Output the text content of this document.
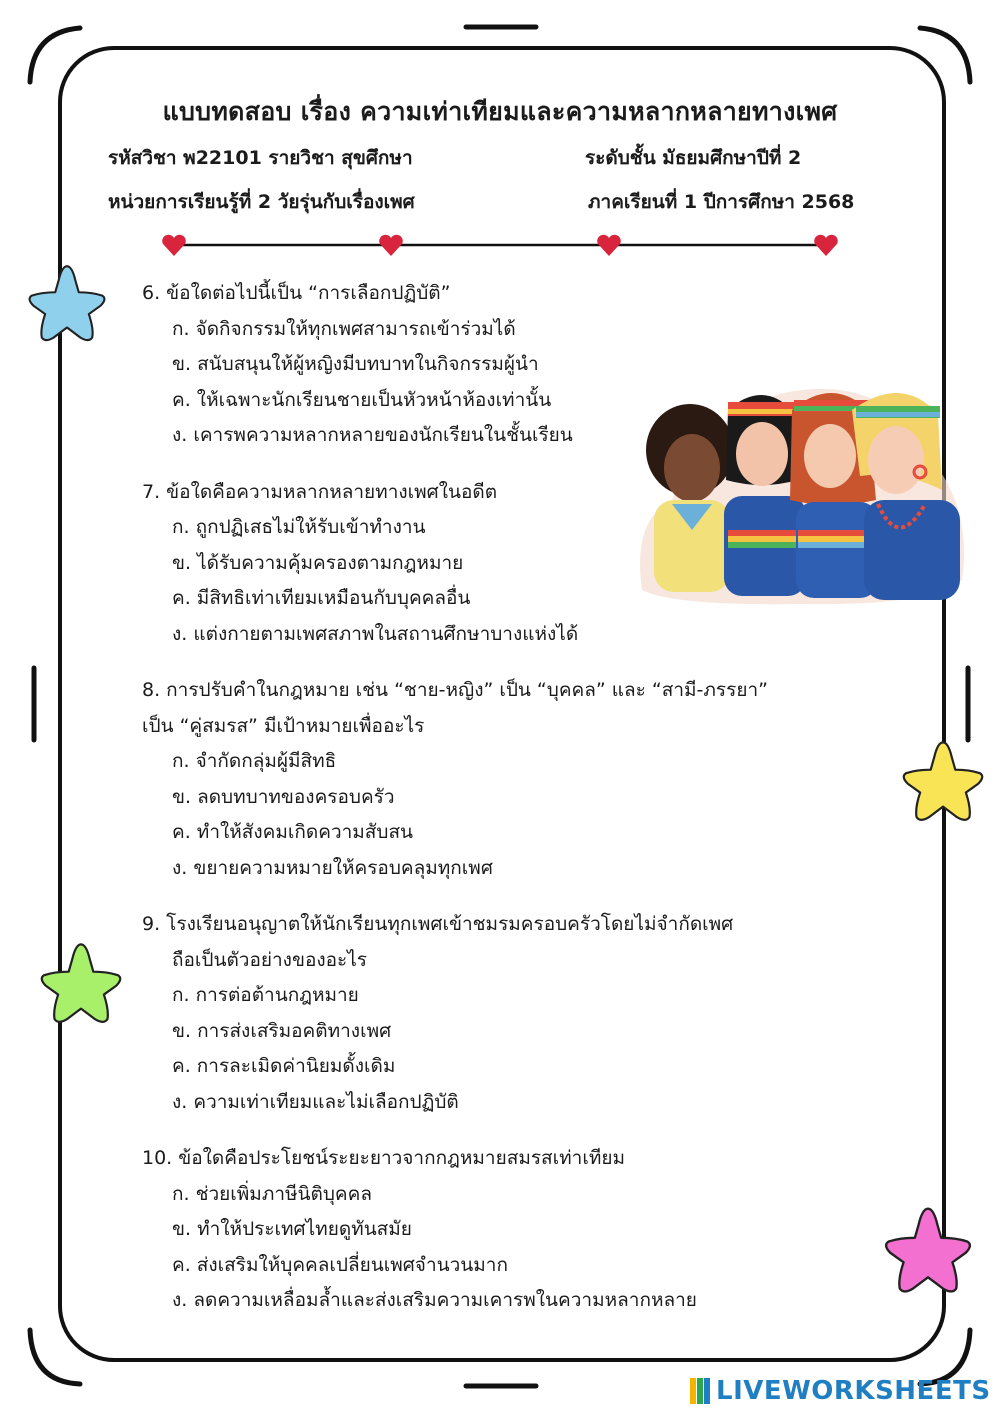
แบบทดสอบ เรื่อง ความเท่าเทียมและความหลากหลายทางเพศ
รหัสวิชา พ22101 รายวิชา สุขศึกษา	ระดับชั้น มัธยมศึกษาปีที่ 2
หน่วยการเรียนรู้ที่ 2 วัยรุ่นกับเรื่องเพศ	ภาคเรียนที่ 1 ปีการศึกษา 2568
6. ข้อใดต่อไปนี้เป็น “การเลือกปฏิบัติ”
ก. จัดกิจกรรมให้ทุกเพศสามารถเข้าร่วมได้
ข. สนับสนุนให้ผู้หญิงมีบทบาทในกิจกรรมผู้นำ
ค. ให้เฉพาะนักเรียนชายเป็นหัวหน้าห้องเท่านั้น
ง. เคารพความหลากหลายของนักเรียนในชั้นเรียน
7. ข้อใดคือความหลากหลายทางเพศในอดีต
ก. ถูกปฏิเสธไม่ให้รับเข้าทำงาน
ข. ได้รับความคุ้มครองตามกฎหมาย
ค. มีสิทธิเท่าเทียมเหมือนกับบุคคลอื่น
ง. แต่งกายตามเพศสภาพในสถานศึกษาบางแห่งได้
8. การปรับคำในกฎหมาย เช่น “ชาย-หญิง” เป็น “บุคคล” และ “สามี-ภรรยา”
เป็น “คู่สมรส” มีเป้าหมายเพื่ออะไร
ก. จำกัดกลุ่มผู้มีสิทธิ
ข. ลดบทบาทของครอบครัว
ค. ทำให้สังคมเกิดความสับสน
ง. ขยายความหมายให้ครอบคลุมทุกเพศ
9. โรงเรียนอนุญาตให้นักเรียนทุกเพศเข้าชมรมครอบครัวโดยไม่จำกัดเพศ
ถือเป็นตัวอย่างของอะไร
ก. การต่อต้านกฎหมาย
ข. การส่งเสริมอคติทางเพศ
ค. การละเมิดค่านิยมดั้งเดิม
ง. ความเท่าเทียมและไม่เลือกปฏิบัติ
10. ข้อใดคือประโยชน์ระยะยาวจากกฎหมายสมรสเท่าเทียม
ก. ช่วยเพิ่มภาษีนิติบุคคล
ข. ทำให้ประเทศไทยดูทันสมัย
ค. ส่งเสริมให้บุคคลเปลี่ยนเพศจำนวนมาก
ง. ลดความเหลื่อมล้ำและส่งเสริมความเคารพในความหลากหลาย
LIVEWORKSHEETS
